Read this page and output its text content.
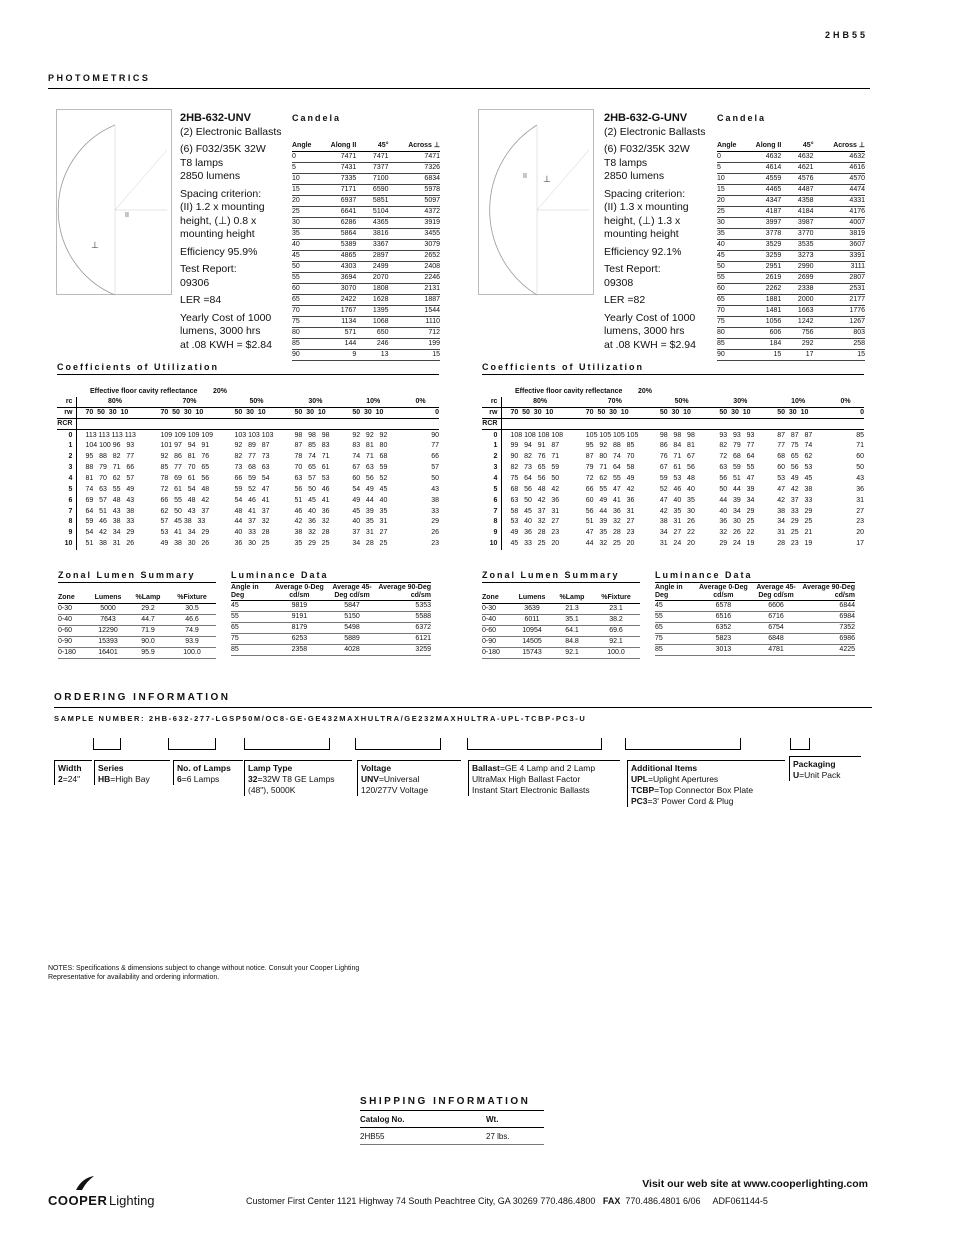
2HB55
PHOTOMETRICS
II
⊥
2HB-632-UNV
(2) Electronic Ballasts
(6) F032/35K 32W
T8 lamps
2850 lumens
Spacing criterion:
(II) 1.2 x mounting
height, (⊥) 0.8 x
mounting height
Efficiency 95.9%
Test Report:
09306
LER =84
Yearly Cost of 1000
lumens, 3000 hrs
at .08 KWH = $2.84
Candela
Angle	Along II	45°	Across ⊥
0	7471	7471	7471
5	7431	7377	7326
10	7335	7100	6834
15	7171	6590	5978
20	6937	5851	5097
25	6641	5104	4372
30	6286	4365	3919
35	5864	3816	3455
40	5389	3367	3079
45	4865	2897	2652
50	4303	2499	2408
55	3694	2070	2246
60	3070	1808	2131
65	2422	1628	1887
70	1767	1395	1544
75	1134	1068	1110
80	571	650	712
85	144	246	199
90	9	13	15
II ⊥
2HB-632-G-UNV
(2) Electronic Ballasts
(6) F032/35K 32W
T8 lamps
2850 lumens
Spacing criterion:
(II) 1.3 x mounting
height, (⊥) 1.3 x
mounting height
Efficiency 92.1%
Test Report:
09308
LER =82
Yearly Cost of 1000
lumens, 3000 hrs
at .08 KWH = $2.94
Candela
Angle	Along II	45°	Across ⊥
0	4632	4632	4632
5	4614	4621	4616
10	4559	4576	4570
15	4465	4487	4474
20	4347	4358	4331
25	4187	4184	4176
30	3997	3987	4007
35	3778	3770	3819
40	3529	3535	3607
45	3259	3273	3391
50	2951	2990	3111
55	2619	2699	2807
60	2262	2338	2531
65	1881	2000	2177
70	1481	1663	1776
75	1056	1242	1267
80	606	756	803
85	184	292	258
90	15	17	15
Coefficients of Utilization
Effective floor cavity reflectance 20%
rc	80%	70%	50%	30%	10%	0%
rw	70  50  30  10	70  50  30  10	50  30  10	50  30  10	50  30  10	0
RCR						
0	113 113 113 113	109 109 109 109	103 103 103	98   98   98	92   92   92	90
1	104 100 96   93	101 97   94   91	92   89   87	87   85   83	83   81   80	77
2	95   88   82   77	92   86   81   76	82   77   73	78   74   71	74   71   68	66
3	88   79   71   66	85   77   70   65	73   68   63	70   65   61	67   63   59	57
4	81   70   62   57	78   69   61   56	66   59   54	63   57   53	60   56   52	50
5	74   63   55   49	72   61   54   48	59   52   47	56   50   46	54   49   45	43
6	69   57   48   43	66   55   48   42	54   46   41	51   45   41	49   44   40	38
7	64   51   43   38	62   50   43   37	48   41   37	46   40   36	45   39   35	33
8	59   46   38   33	57   45 38   33	44   37   32	42   36   32	40   35   31	29
9	54   42   34   29	53   41   34   29	40   33   28	38   32   28	37   31   27	26
10	51   38   31   26	49   38   30   26	36   30   25	35   29   25	34   28   25	23
Coefficients of Utilization
Effective floor cavity reflectance 20%
rc	80%	70%	50%	30%	10%	0%
rw	70  50  30  10	70  50  30  10	50  30  10	50  30  10	50  30  10	0
RCR						
0	108 108 108 108	105 105 105 105	98   98   98	93   93   93	87   87   87	85
1	99   94   91   87	95   92   88   85	86   84   81	82   79   77	77   75   74	71
2	90   82   76   71	87   80   74   70	76   71   67	72   68   64	68   65   62	60
3	82   73   65   59	79   71   64   58	67   61   56	63   59   55	60   56   53	50
4	75   64   56   50	72   62   55   49	59   53   48	56   51   47	53   49   45	43
5	68   56   48   42	66   55   47   42	52   46   40	50   44   39	47   42   38	36
6	63   50   42   36	60   49   41   36	47   40   35	44   39   34	42   37   33	31
7	58   45   37   31	56   44   36   31	42   35   30	40   34   29	38   33   29	27
8	53   40   32   27	51   39   32   27	38   31   26	36   30   25	34   29   25	23
9	49   36   28   23	47   35   28   23	34   27   22	32   26   22	31   25   21	20
10	45   33   25   20	44   32   25   20	31   24   20	29   24   19	28   23   19	17
Zonal Lumen Summary
Zone	Lumens	%Lamp	%Fixture
0-30	5000	29.2	30.5
0-40	7643	44.7	46.6
0-60	12290	71.9	74.9
0-90	15393	90.0	93.9
0-180	16401	95.9	100.0
Luminance Data
Angle in Deg	Average 0-Deg cd/sm	Average 45-Deg cd/sm	Average 90-Deg cd/sm
45	9819	5847	5353
55	9191	5150	5588
65	8179	5498	6372
75	6253	5889	6121
85	2358	4028	3259
Zonal Lumen Summary
Zone	Lumens	%Lamp	%Fixture
0-30	3639	21.3	23.1
0-40	6011	35.1	38.2
0-60	10954	64.1	69.6
0-90	14505	84.8	92.1
0-180	15743	92.1	100.0
Luminance Data
Angle in Deg	Average 0-Deg cd/sm	Average 45-Deg cd/sm	Average 90-Deg cd/sm
45	6578	6606	6844
55	6516	6716	6984
65	6352	6754	7352
75	5823	6848	6986
85	3013	4781	4225
ORDERING INFORMATION
SAMPLE NUMBER: 2HB-632-277-LGSP50M/OC8-GE-GE432MAXHULTRA/GE232MAXHULTRA-UPL-TCBP-PC3-U
Width
2=24"
Series
HB=High Bay
No. of Lamps
6=6 Lamps
Lamp Type
32=32W T8 GE Lamps
(48"), 5000K
Voltage
UNV=Universal
120/277V Voltage
Ballast=GE 4 Lamp and 2 Lamp
UltraMax High Ballast Factor
Instant Start Electronic Ballasts
Additional Items
UPL=Uplight Apertures
TCBP=Top Connector Box Plate
PC3=3' Power Cord & Plug
Packaging
U=Unit Pack
NOTES: Specifications & dimensions subject to change without notice. Consult your Cooper Lighting
Representative for availability and ordering information.
SHIPPING INFORMATION
Catalog No.	Wt.
2HB55	27 lbs.
Visit our web site at www.cooperlighting.com
COOPER Lighting	Customer First Center 1121 Highway 74 South Peachtree City, GA 30269 770.486.4800 FAX 770.486.4801 6/06 ADF061144-5
